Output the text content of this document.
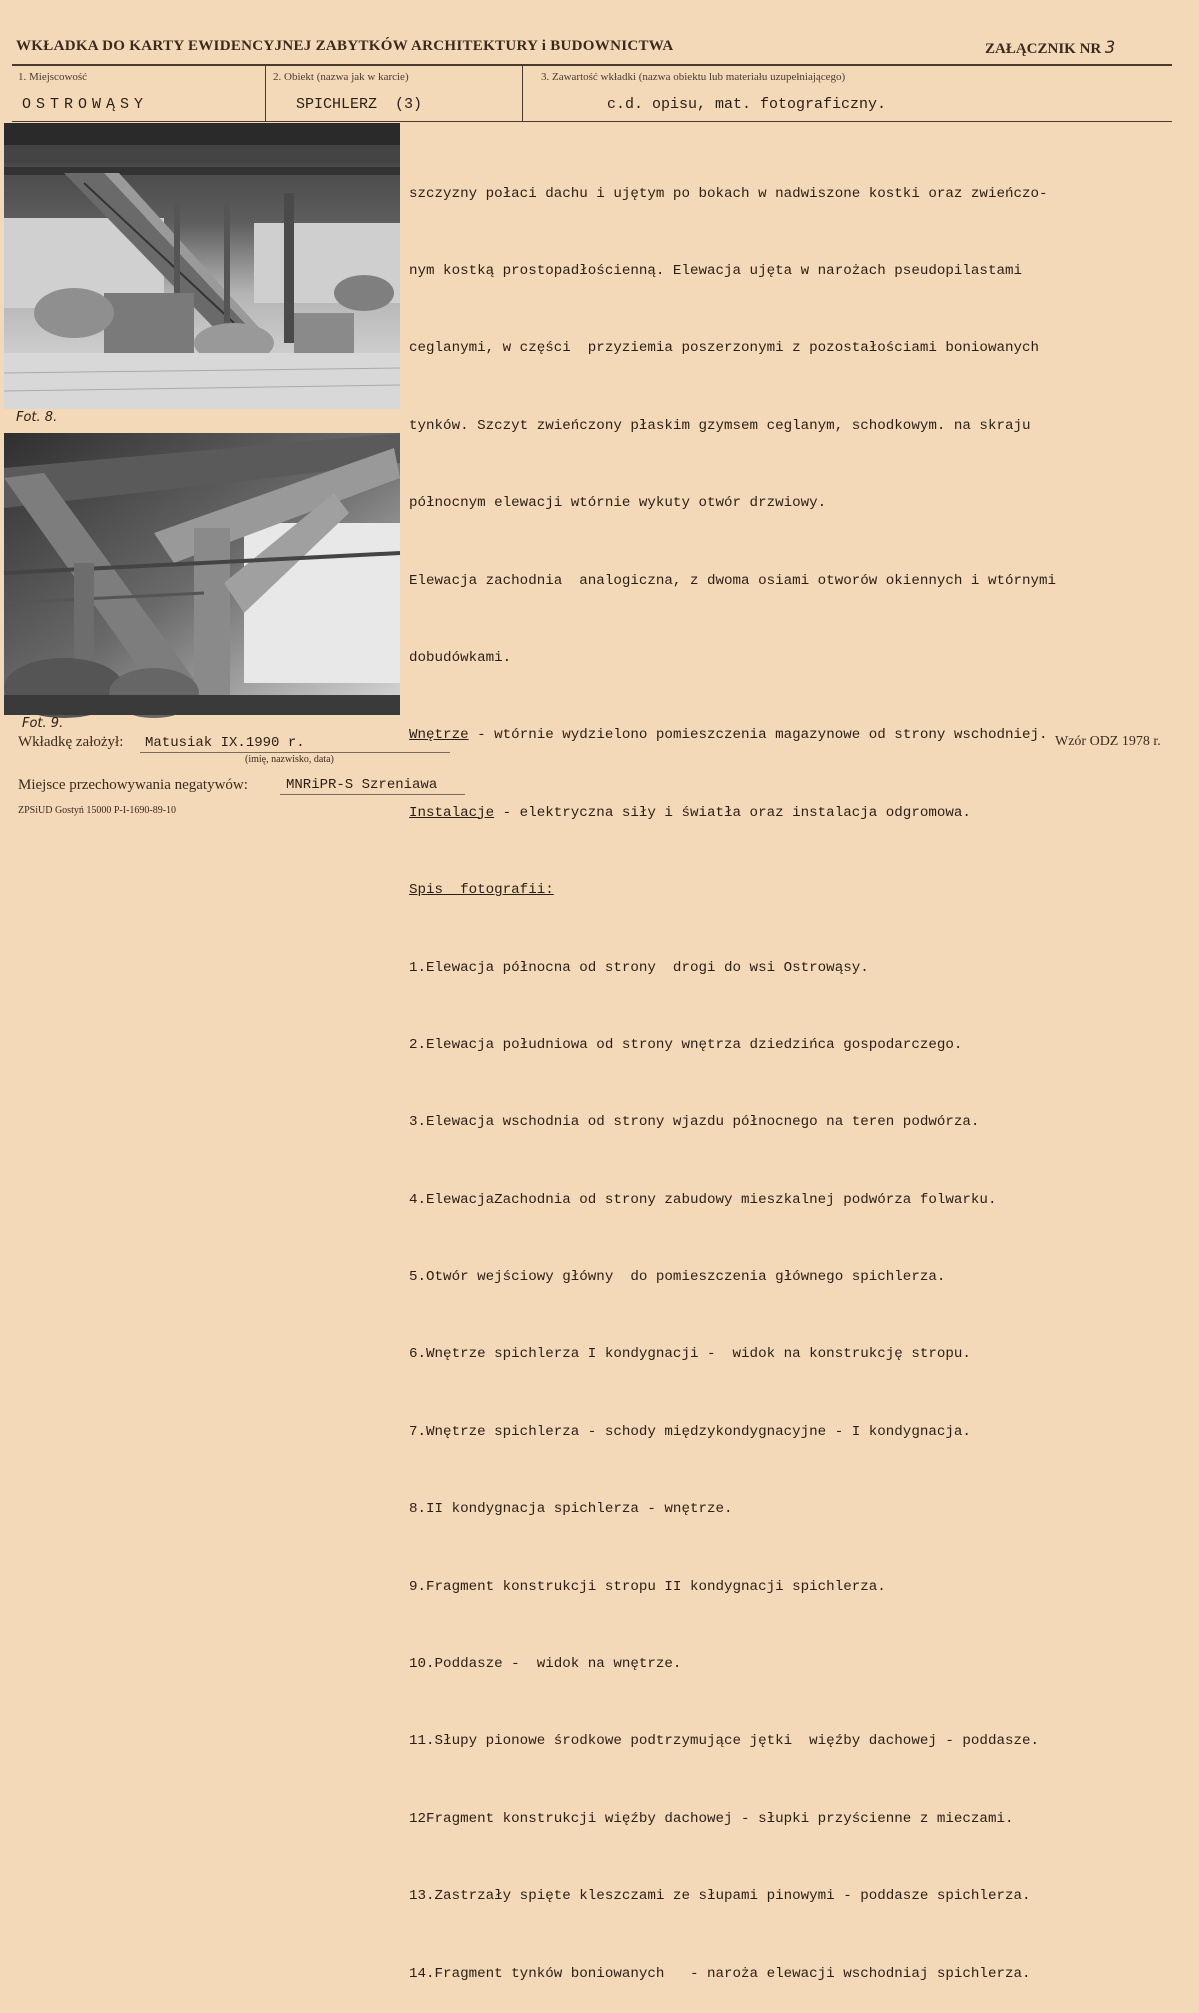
WKŁADKA DO KARTY EWIDENCYJNEJ ZABYTKÓW ARCHITEKTURY i BUDOWNICTWA	ZAŁĄCZNIK NR 3
1. Miejscowość
OSTROWĄSY
2. Obiekt (nazwa jak w karcie)
SPICHLERZ  (3)
3. Zawartość wkładki (nazwa obiektu lub materiału uzupełniającego)
c.d. opisu, mat. fotograficzny.
Fot. 8.
Fot. 9.

szczyzny połaci dachu i ujętym po bokach w nadwiszone kostki oraz zwieńczo-

nym kostką prostopadłościenną. Elewacja ujęta w narożach pseudopilastami

ceglanymi, w części  przyziemia poszerzonymi z pozostałościami boniowanych

tynków. Szczyt zwieńczony płaskim gzymsem ceglanym, schodkowym. na skraju

północnym elewacji wtórnie wykuty otwór drzwiowy.

Elewacja zachodnia  analogiczna, z dwoma osiami otworów okiennych i wtórnymi

dobudówkami.

Wnętrze - wtórnie wydzielono pomieszczenia magazynowe od strony wschodniej.

Instalacje - elektryczna siły i światła oraz instalacja odgromowa.

Spis  fotografii:

1.Elewacja północna od strony  drogi do wsi Ostrowąsy.

2.Elewacja południowa od strony wnętrza dziedzińca gospodarczego.

3.Elewacja wschodnia od strony wjazdu północnego na teren podwórza.

4.ElewacjaZachodnia od strony zabudowy mieszkalnej podwórza folwarku.

5.Otwór wejściowy główny  do pomieszczenia głównego spichlerza.

6.Wnętrze spichlerza I kondygnacji -  widok na konstrukcję stropu.

7.Wnętrze spichlerza - schody międzykondygnacyjne - I kondygnacja.

8.II kondygnacja spichlerza - wnętrze.

9.Fragment konstrukcji stropu II kondygnacji spichlerza.

10.Poddasze -  widok na wnętrze.

11.Słupy pionowe środkowe podtrzymujące jętki  więźby dachowej - poddasze.

12Fragment konstrukcji więźby dachowej - słupki przyścienne z mieczami.

13.Zastrzały spięte kleszczami ze słupami pinowymi - poddasze spichlerza.

14.Fragment tynków boniowanych   - naroża elewacji wschodniaj spichlerza.

Wkładkę założył: Matusiak IX.1990 r.
(imię, nazwisko, data)
Wzór ODZ 1978 r.
Miejsce przechowywania negatywów:	MNRiPR-S Szreniawa
ZPSiUD Gostyń 15000 P-I-1690-89-10
